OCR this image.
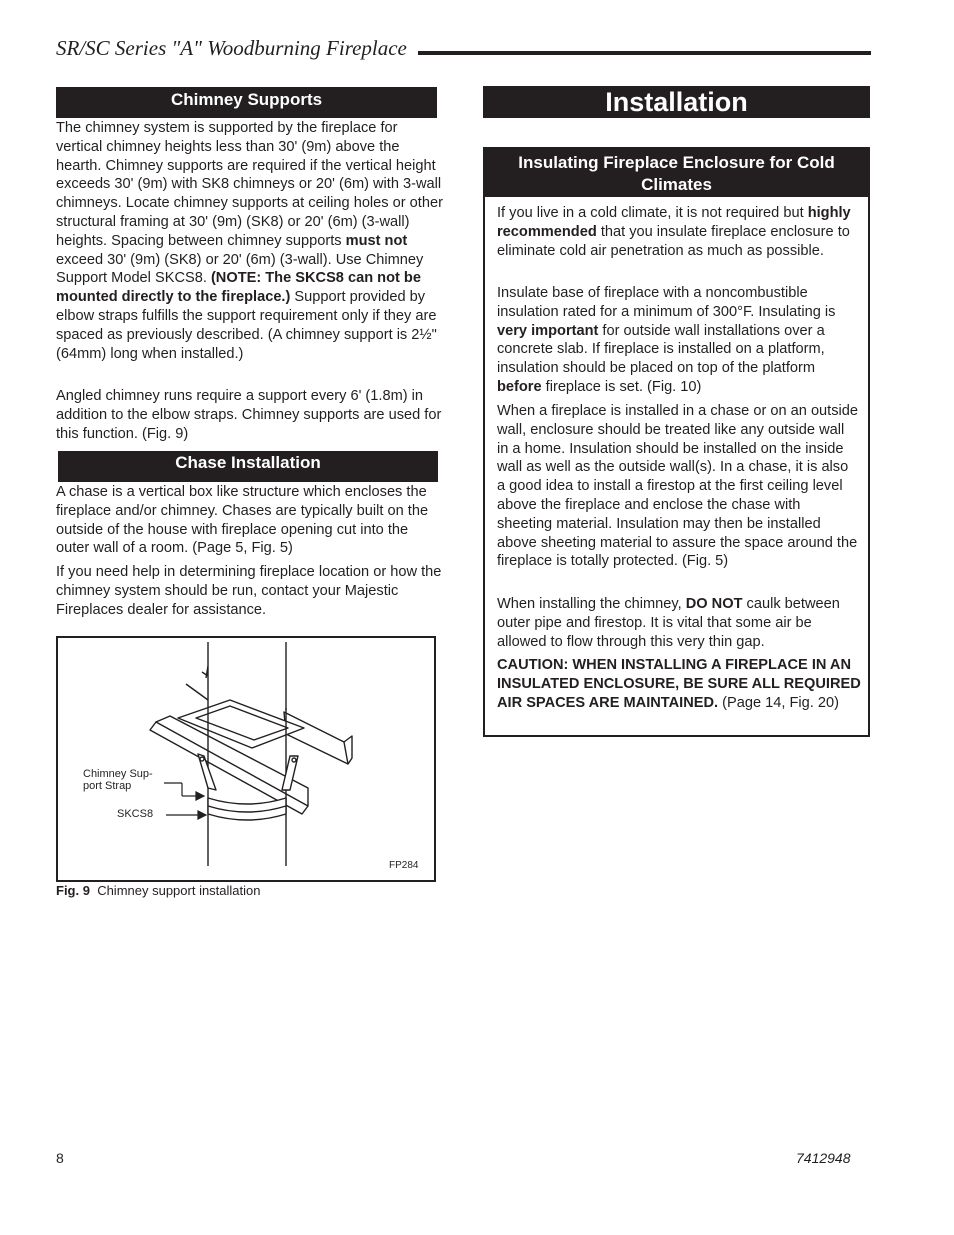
SR/SC Series "A" Woodburning Fireplace
Chimney Supports

The chimney system is supported by the fireplace for vertical chimney heights less than 30' (9m) above the hearth. Chimney supports are required if the vertical height exceeds 30' (9m) with SK8 chimneys or 20' (6m) with 3-wall chimneys. Locate chimney supports at ceiling holes or other structural framing at 30' (9m) (SK8) or 20' (6m) (3-wall) heights. Spacing between chimney supports must not exceed 30' (9m) (SK8) or 20' (6m) (3-wall). Use Chimney Support Model SKCS8. (NOTE: The SKCS8 can not be mounted directly to the fireplace.) Support provided by elbow straps fulfills the support requirement only if they are spaced as previously described. (A chimney support is 2½" (64mm) long when installed.)

Angled chimney runs require a support every 6' (1.8m) in addition to the elbow straps. Chimney supports are used for this function. (Fig. 9)

Chase Installation

A chase is a vertical box like structure which encloses the fireplace and/or chimney. Chases are typically built on the outside of the house with fireplace opening cut into the outer wall of a room. (Page 5, Fig. 5)

If you need help in determining fireplace location or how the chimney system should be run, contact your Majestic Fireplaces dealer for assistance.

Chimney Sup-
port Strap
SKCS8
FP284
Fig. 9 Chimney support installation
Installation
Insulating Fireplace Enclosure for Cold Climates

If you live in a cold climate, it is not required but highly recommended that you insulate fireplace enclosure to eliminate cold air penetration as much as possible.

Insulate base of fireplace with a noncombustible insulation rated for a minimum of 300°F. Insulating is very important for outside wall installations over a concrete slab. If fireplace is installed on a platform, insulation should be placed on top of the platform before fireplace is set. (Fig. 10)

When a fireplace is installed in a chase or on an outside wall, enclosure should be treated like any outside wall in a home. Insulation should be installed on the inside wall as well as the outside wall(s). In a chase, it is also a good idea to install a firestop at the first ceiling level above the fireplace and enclose the chase with sheeting material. Insulation may then be installed above sheeting material to assure the space around the fireplace is totally protected. (Fig. 5)

When installing the chimney, DO NOT caulk between outer pipe and firestop. It is vital that some air be allowed to flow through this very thin gap.

CAUTION: WHEN INSTALLING A FIREPLACE IN AN INSULATED ENCLOSURE, BE SURE ALL REQUIRED AIR SPACES ARE MAINTAINED. (Page 14, Fig. 20)

8	7412948
